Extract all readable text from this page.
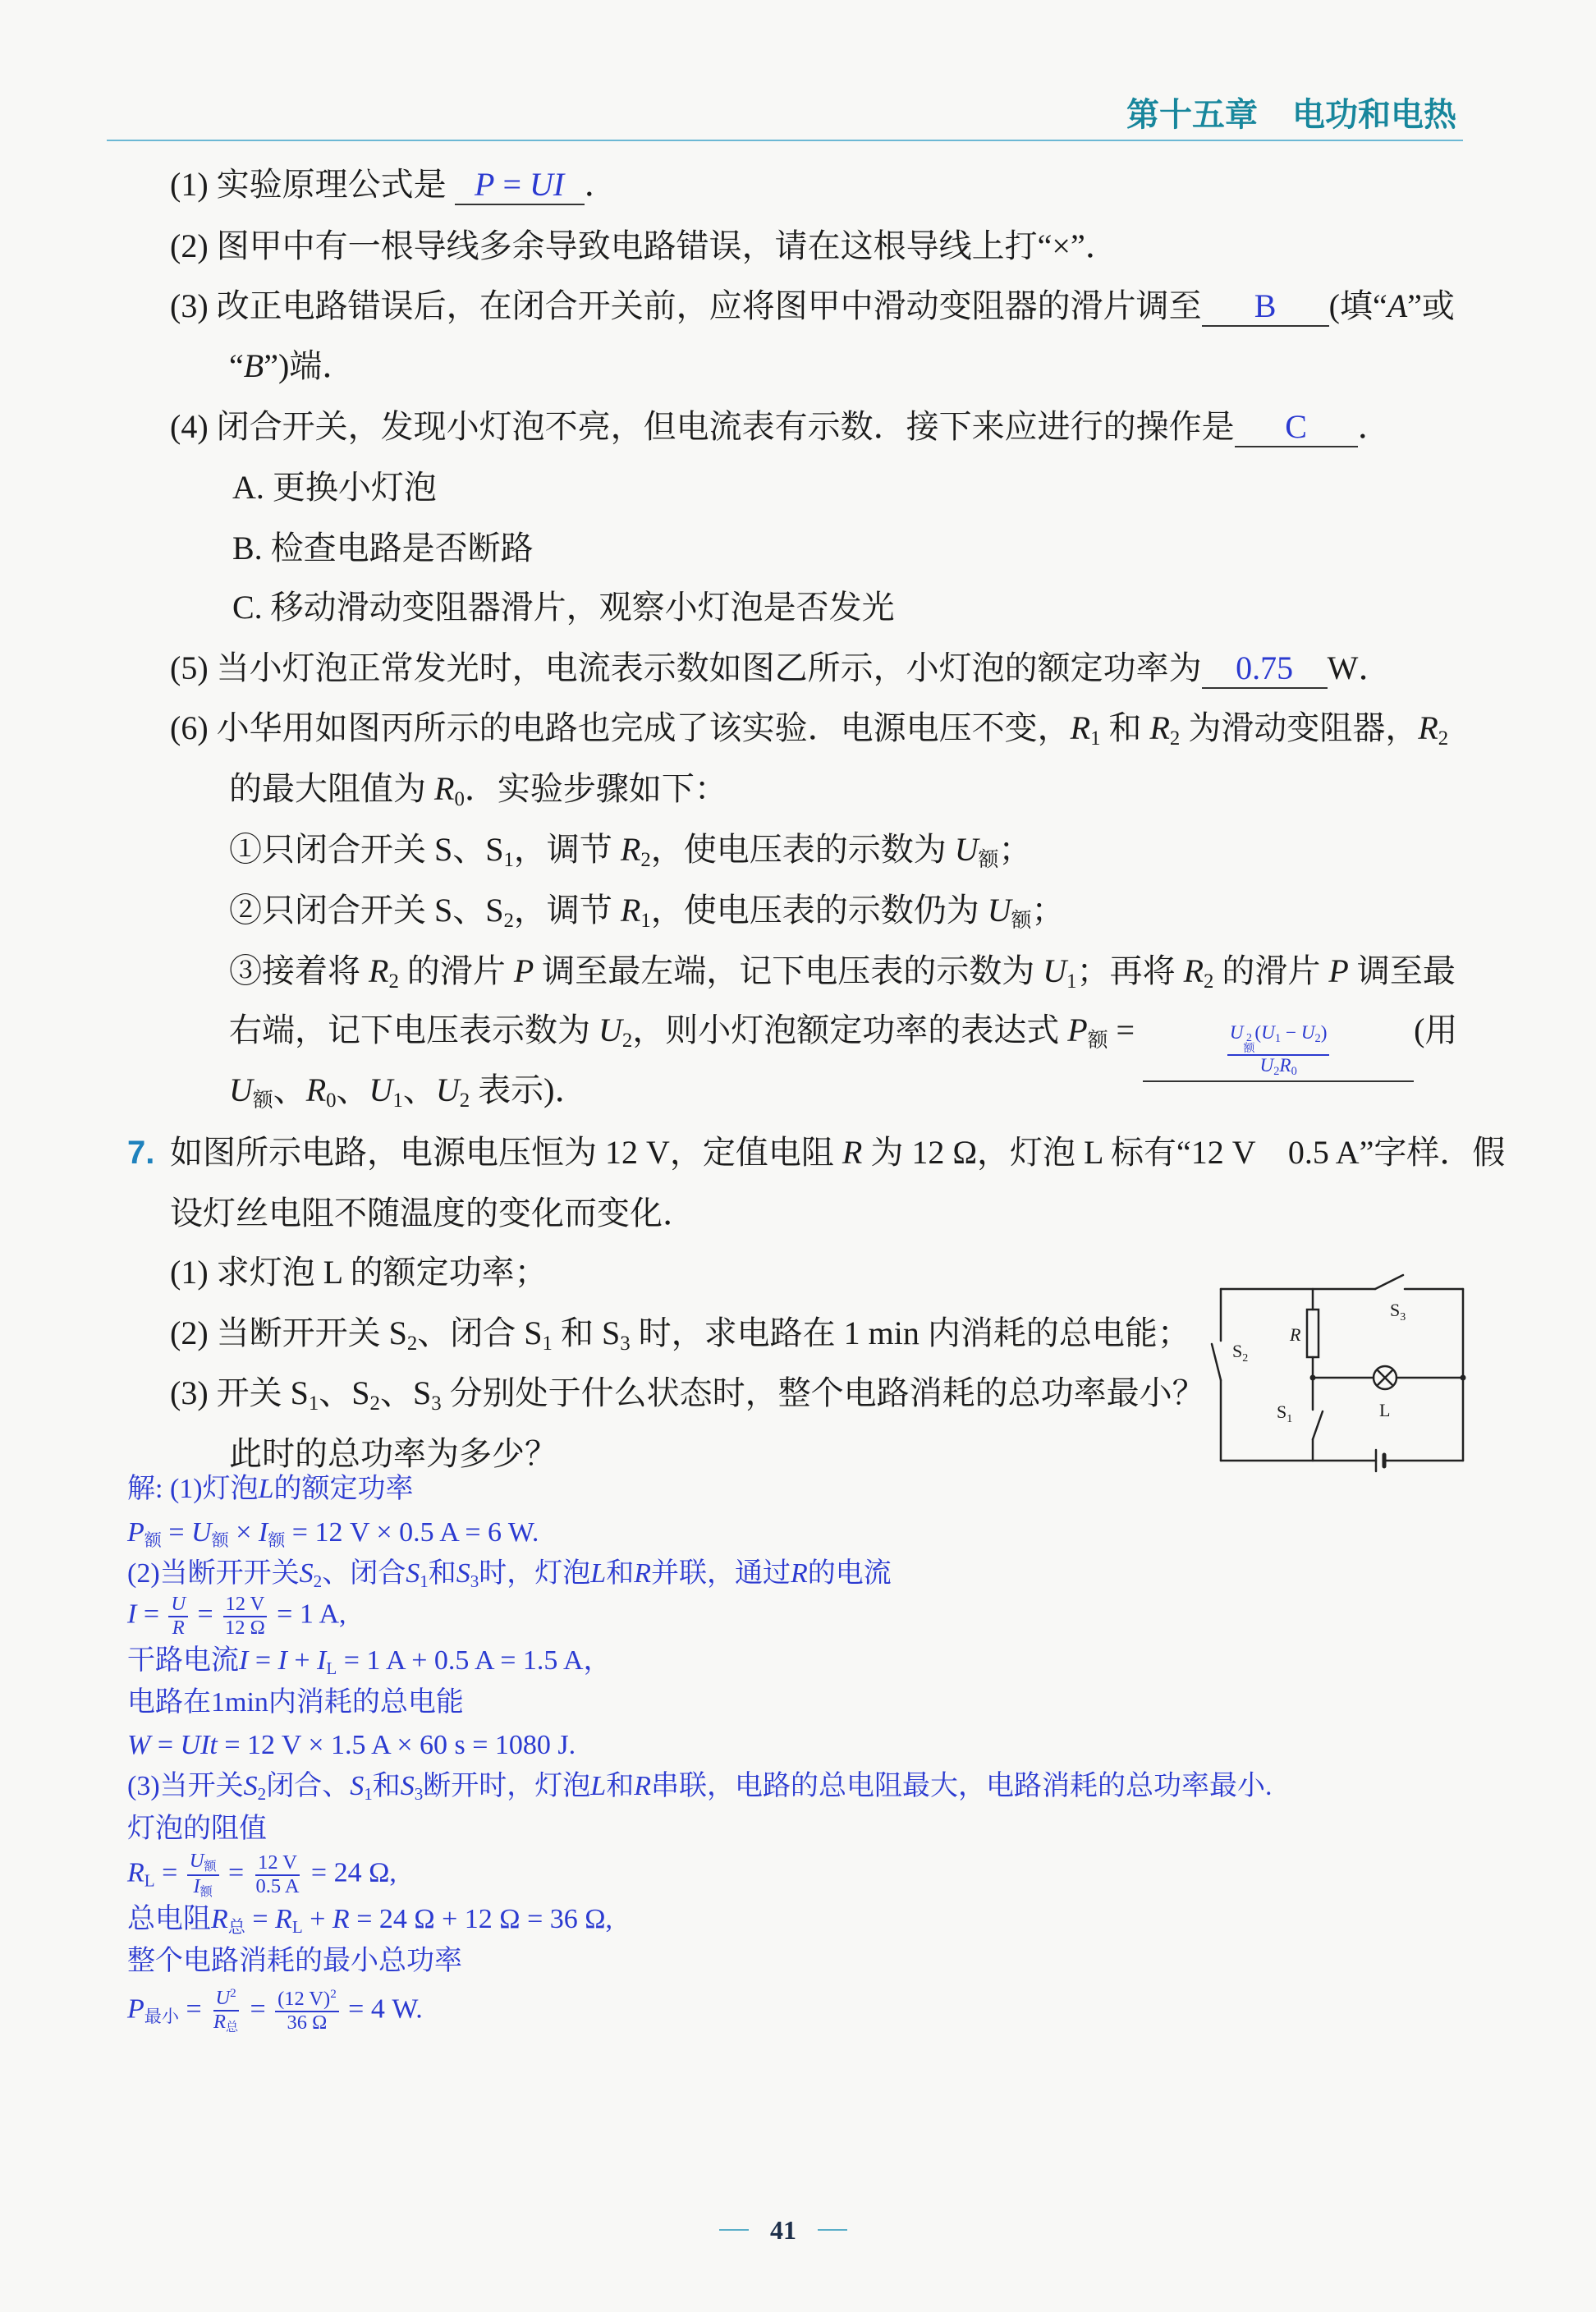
第十五章 电功和电热
(1) 实验原理公式是 P = UI ．
(2) 图甲中有一根导线多余导致电路错误，请在这根导线上打“×”．
(3) 改正电路错误后，在闭合开关前，应将图甲中滑动变阻器的滑片调至 B (填“A”或
“B”)端．
(4) 闭合开关，发现小灯泡不亮，但电流表有示数．接下来应进行的操作是 C ．
A. 更换小灯泡
B. 检查电路是否断路
C. 移动滑动变阻器滑片，观察小灯泡是否发光
(5) 当小灯泡正常发光时，电流表示数如图乙所示，小灯泡的额定功率为 0.75 W．
(6) 小华用如图丙所示的电路也完成了该实验．电源电压不变，$R_1$ 和 $R_2$ 为滑动变阻器，$R_2$
的最大阻值为 $R_0$．实验步骤如下：
①只闭合开关 S、$S_1$，调节 $R_2$，使电压表的示数为 $U_额$；
②只闭合开关 S、$S_2$，调节 $R_1$，使电压表的示数仍为 $U_额$；
③接着将 $R_2$ 的滑片 P 调至最左端，记下电压表的示数为 $U_1$；再将 $R_2$ 的滑片 P 调至最
右端，记下电压表示数为 $U_2$，则小灯泡额定功率的表达式 $P_额$ =	U 2
额
$(U_1 - U_2)$
$U_2R_0$	(用
$U_额$、$R_0$、$U_1$、$U_2$ 表示)．
7. 如图所示电路，电源电压恒为 12 V，定值电阻 R 为 12 Ω，灯泡 L 标有“12 V　0.5 A”字样．假
设灯丝电阻不随温度的变化而变化．
(1) 求灯泡 L 的额定功率；
(2) 当断开开关 $S_2$、闭合 $S_1$ 和 $S_3$ 时，求电路在 1 min 内消耗的总电能；
(3) 开关 $S_1$、$S_2$、$S_3$ 分别处于什么状态时，整个电路消耗的总功率最小？
此时的总功率为多少？
$S_3$
R
L
$S_1$
$S_2$
解: (1)灯泡L的额定功率
$P_额 = U_额 \times I_额 = 12$ V × 0.5 A = 6 W.
(2)当断开开关$S_2$、闭合$S_1$和$S_3$时，灯泡L和R并联，通过R的电流
$I = \frac{U}{R} = \frac{12 V}{12 \Omega} = 1$ A,
干路电流$I = I + I_L = 1$ A + 0.5 A = 1.5 A，
电路在1min内消耗的总电能
W = UIt = 12 V × 1.5 A × 60 s = 1080 J.
(3)当开关$S_2$闭合、$S_1$和$S_3$断开时，灯泡L和R串联，电路的总电阻最大，电路消耗的总功率最小.
灯泡的阻值
$R_L = \frac{U_额}{I_额} = \frac{12 V}{0.5 A} = 24$ Ω,
总电阻$R_总 = R_L + R = 24$ Ω + 12 Ω = 36 Ω,
整个电路消耗的最小总功率
$P_{最小} = \frac{U^2}{R_总} = \frac{(12 V)^2}{36 \Omega} = 4$ W.
41
